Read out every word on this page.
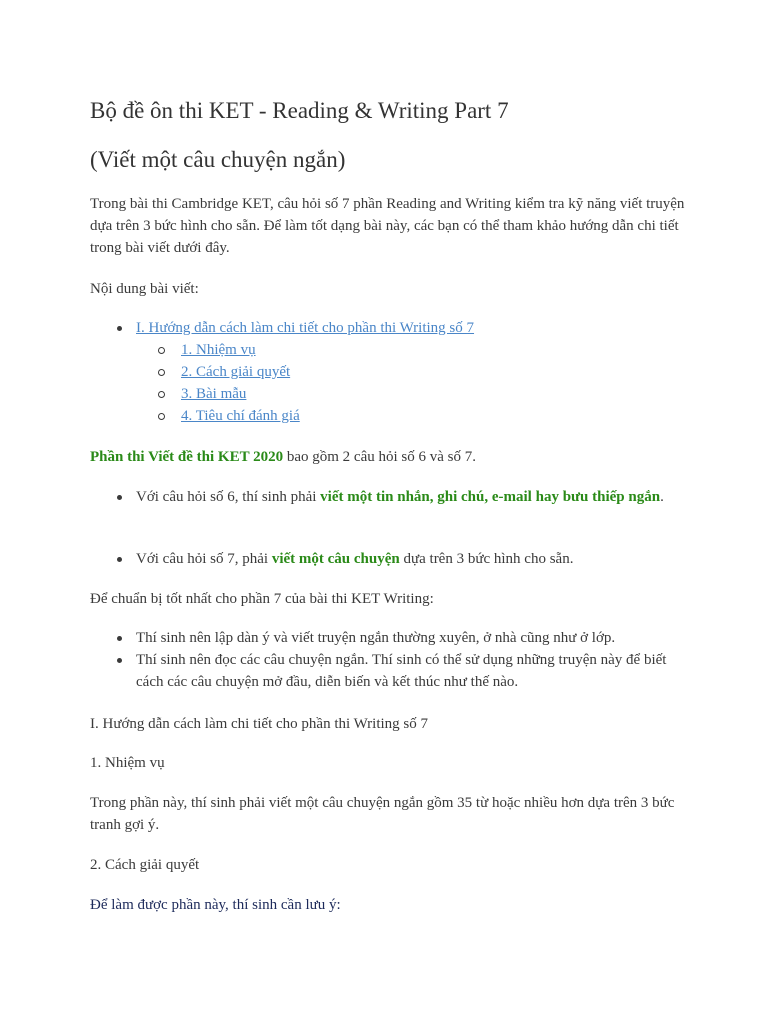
Bộ đề ôn thi KET - Reading & Writing Part 7
(Viết một câu chuyện ngắn)

Trong bài thi Cambridge KET, câu hỏi số 7 phần Reading and Writing kiểm tra kỹ năng viết truyện dựa trên 3 bức hình cho sẵn. Để làm tốt dạng bài này, các bạn có thể tham khảo hướng dẫn chi tiết trong bài viết dưới đây.

Nội dung bài viết:

I. Hướng dẫn cách làm chi tiết cho phần thi Writing số 7
1. Nhiệm vụ
2. Cách giải quyết
3. Bài mẫu
4. Tiêu chí đánh giá

Phần thi Viết đề thi KET 2020 bao gồm 2 câu hỏi số 6 và số 7.

Với câu hỏi số 6, thí sinh phải viết một tin nhắn, ghi chú, e-mail hay bưu thiếp ngắn.
Với câu hỏi số 7, phải viết một câu chuyện dựa trên 3 bức hình cho sẵn.

Để chuẩn bị tốt nhất cho phần 7 của bài thi KET Writing:

Thí sinh nên lập dàn ý và viết truyện ngắn thường xuyên, ở nhà cũng như ở lớp.
Thí sinh nên đọc các câu chuyện ngắn. Thí sinh có thể sử dụng những truyện này để biết cách các câu chuyện mở đầu, diễn biến và kết thúc như thế nào.

I. Hướng dẫn cách làm chi tiết cho phần thi Writing số 7

1. Nhiệm vụ

Trong phần này, thí sinh phải viết một câu chuyện ngắn gồm 35 từ hoặc nhiều hơn dựa trên 3 bức tranh gợi ý.

2. Cách giải quyết

Để làm được phần này, thí sinh cần lưu ý:
